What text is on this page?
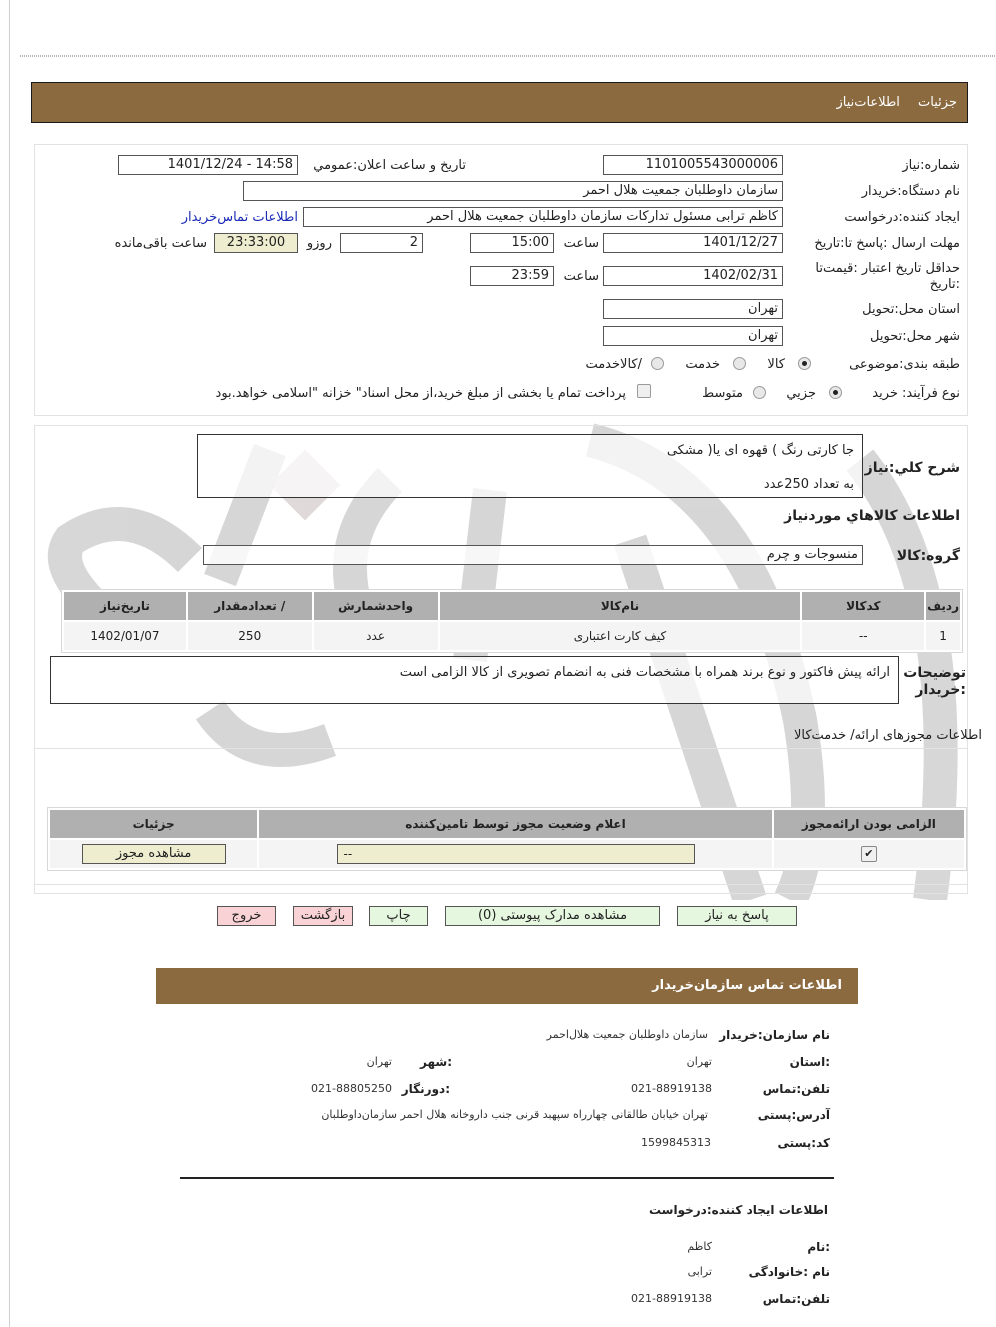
جزئیات اطلاعات‌نیاز
شماره:نیاز
1101005543000006
تاریخ و ساعت اعلان:عمومي
1401/12/24 - 14:58
نام دستگاه:خریدار
سازمان داوطلبان جمعیت هلال احمر
ایجاد کننده:درخواست
کاظم ترابی مسئول تدارکات سازمان داوطلبان جمعیت هلال احمر
اطلاعات تماس‌خریدار
مهلت ارسال :پاسخ تا:تاریخ
1401/12/27
ساعت
15:00
2
روزو
23:33:00
ساعت باقی‌مانده
حداقل تاریخ اعتبار :قیمت‌تا
:تاریخ
1402/02/31
ساعت
23:59
استان محل:تحویل
تهران
شهر محل:تحویل
تهران
طبقه بندی:موضوعی
کالا
خدمت
/کالاخدمت
نوع فرآیند: خرید
جزيي
متوسط
پرداخت تمام یا بخشی از مبلغ خرید،از محل اسناد" خزانه "اسلامی خواهد.بود
شرح کلي:نیاز
جا کارتی رنگ ) قهوه ای یا( مشکی
به تعداد 250عدد
اطلاعات کالاهاي موردنیاز
گروه:کالا
منسوجات و چرم
ردیف	کدکالا	نام‌کالا	واحدشمارش	/ تعدادمقدار	تاریخ‌نیاز
1	--	کیف کارت اعتباری	عدد	250	1402/01/07
توضیحات
:خریدار
ارائه پیش فاکتور و نوع برند همراه با مشخصات فنی به انضمام تصویری از کالا الزامی است
اطلاعات مجوزهای ارائه/ خدمت‌کالا
الزامی بودن ارائه‌مجوز	اعلام وضعیت مجوز توسط تامین‌کننده	جزئیات
✔	--	مشاهده مجوز
پاسخ به نیاز
مشاهده مدارک پیوستی (0)
چاپ
بازگشت
خروج
اطلاعات تماس سازمان‌خریدار
نام سازمان:خریدار
سازمان داوطلبان جمعیت هلال‌احمر
:استان
تهران
:شهر
تهران
تلفن:تماس
021-88919138
:دورنگار
021-88805250
آدرس:پستی
تهران خیابان طالقانی چهارراه سپهبد قرنی جنب داروخانه هلال احمر سازمان‌داوطلبان
کد:پستی
1599845313
اطلاعات ایجاد کننده:درخواست
:نام
کاظم
نام :خانوادگی
ترابی
تلفن:تماس
021-88919138
